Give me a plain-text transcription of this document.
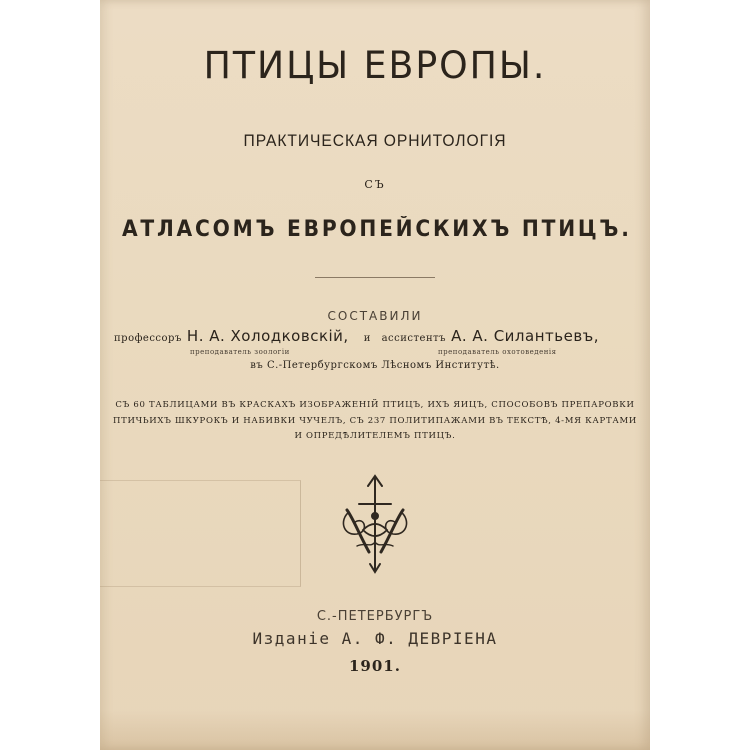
ПТИЦЫ ЕВРОПЫ.
ПРАКТИЧЕСКАЯ ОРНИТОЛОГІЯ
СЪ
АТЛАСОМЪ ЕВРОПЕЙСКИХЪ ПТИЦЪ.
СОСТАВИЛИ
профессоръ Н. А. Холодковскій, и ассистентъ А. А. Силантьевъ,
преподаватель зоологіи	преподаватель охотоведенія
въ С.-Петербургскомъ Лѣсномъ Институтѣ.
СЪ 60 ТАБЛИЦАМИ ВЪ КРАСКАХЪ ИЗОБРАЖЕНІЙ ПТИЦЪ, ИХЪ ЯИЦЪ, СПОСОБОВЪ ПРЕПАРОВКИ
ПТИЧЬИХЪ ШКУРОКЪ И НАБИВКИ ЧУЧЕЛЪ, СЪ 237 ПОЛИТИПАЖАМИ ВЪ ТЕКСТѢ, 4-МЯ КАРТАМИ
И ОПРЕДѢЛИТЕЛЕМЪ ПТИЦЪ.
С.-ПЕТЕРБУРГЪ
Изданіе А. Ф. ДЕВРІЕНА
1901.
